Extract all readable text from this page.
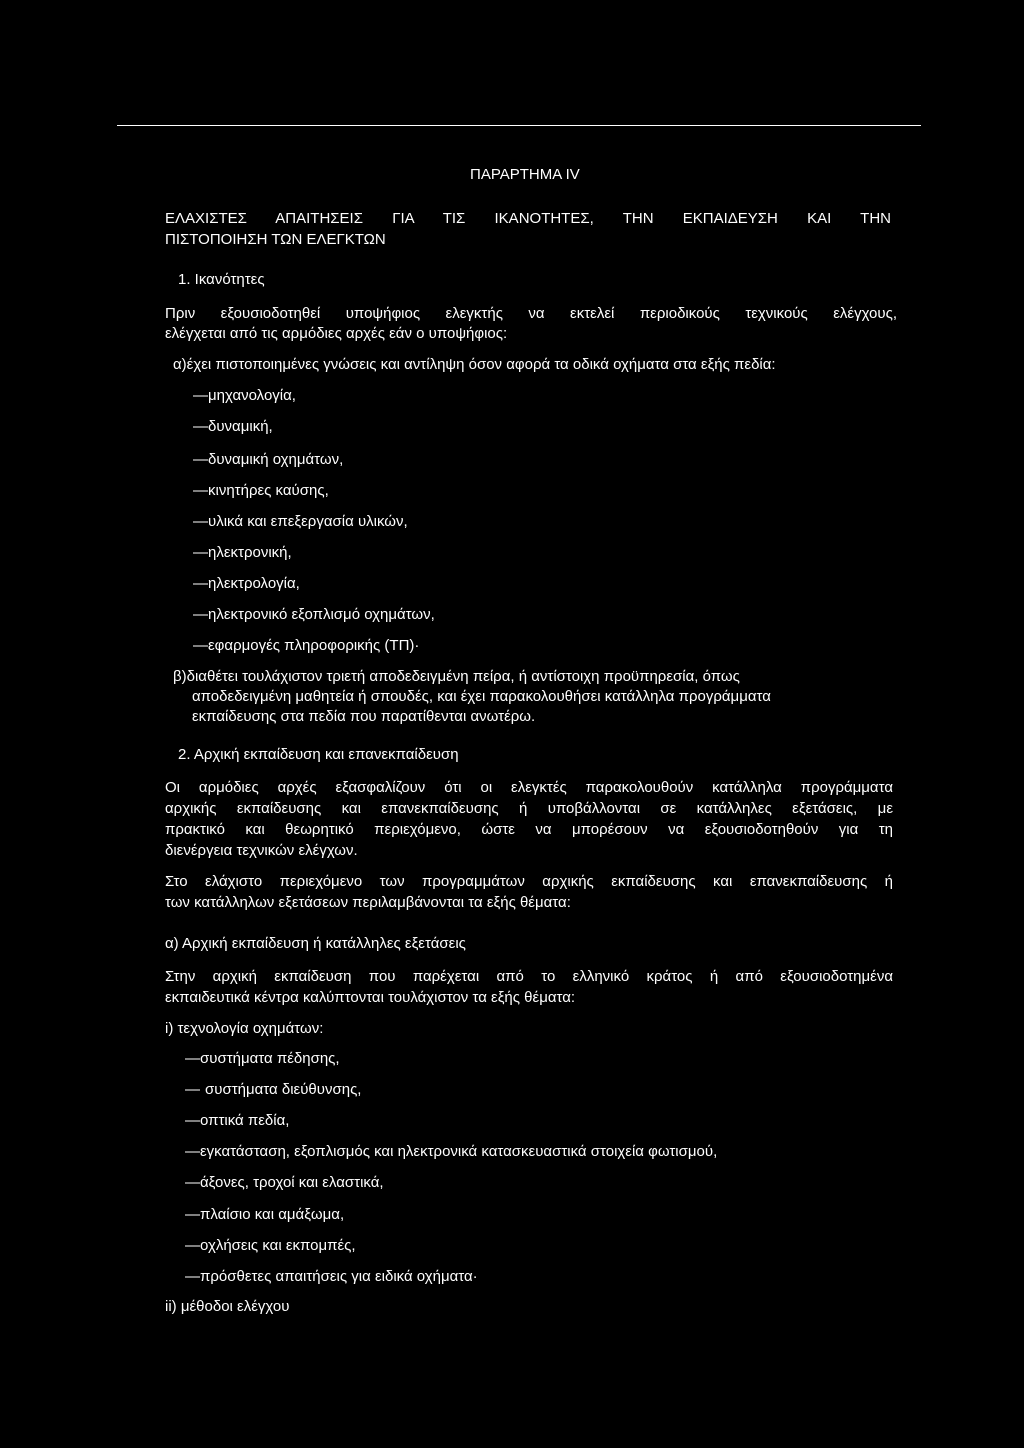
ΠΑΡΑΡΤΗΜΑ IV
ΕΛΑΧΙΣΤΕΣ ΑΠΑΙΤΗΣΕΙΣ ΓΙΑ ΤΙΣ ΙΚΑΝΟΤΗΤΕΣ, ΤΗΝ ΕΚΠΑΙΔΕΥΣΗ ΚΑΙ ΤΗΝ
ΠΙΣΤΟΠΟΙΗΣΗ ΤΩΝ ΕΛΕΓΚΤΩΝ
1. Ικανότητες
Πριν εξουσιοδοτηθεί υποψήφιος ελεγκτής να εκτελεί περιοδικούς τεχνικούς ελέγχους,
ελέγχεται από τις αρμόδιες αρχές εάν ο υποψήφιος:
α)έχει πιστοποιημένες γνώσεις και αντίληψη όσον αφορά τα οδικά οχήματα στα εξής πεδία:
—μηχανολογία,
—δυναμική,
—δυναμική οχημάτων,
—κινητήρες καύσης,
—υλικά και επεξεργασία υλικών,
—ηλεκτρονική,
—ηλεκτρολογία,
—ηλεκτρονικό εξοπλισμό οχημάτων,
—εφαρμογές πληροφορικής (ΤΠ)·
β)διαθέτει τουλάχιστον τριετή αποδεδειγμένη πείρα, ή αντίστοιχη προϋπηρεσία, όπως
αποδεδειγμένη μαθητεία ή σπουδές, και έχει παρακολουθήσει κατάλληλα προγράμματα
εκπαίδευσης στα πεδία που παρατίθενται ανωτέρω.
2. Αρχική εκπαίδευση και επανεκπαίδευση
Οι αρμόδιες αρχές εξασφαλίζουν ότι οι ελεγκτές παρακολουθούν κατάλληλα προγράμματα
αρχικής εκπαίδευσης και επανεκπαίδευσης ή υποβάλλονται σε κατάλληλες εξετάσεις, με
πρακτικό και θεωρητικό περιεχόμενο, ώστε να μπορέσουν να εξουσιοδοτηθούν για τη
διενέργεια τεχνικών ελέγχων.
Στο ελάχιστο περιεχόμενο των προγραμμάτων αρχικής εκπαίδευσης και επανεκπαίδευσης ή
των κατάλληλων εξετάσεων περιλαμβάνονται τα εξής θέματα:
α) Αρχική εκπαίδευση ή κατάλληλες εξετάσεις
Στην αρχική εκπαίδευση που παρέχεται από το ελληνικό κράτος ή από εξουσιοδοτημένα
εκπαιδευτικά κέντρα καλύπτονται τουλάχιστον τα εξής θέματα:
i) τεχνολογία οχημάτων:
—συστήματα πέδησης,
— συστήματα διεύθυνσης,
—οπτικά πεδία,
—εγκατάσταση, εξοπλισμός και ηλεκτρονικά κατασκευαστικά στοιχεία φωτισμού,
—άξονες, τροχοί και ελαστικά,
—πλαίσιο και αμάξωμα,
—οχλήσεις και εκπομπές,
—πρόσθετες απαιτήσεις για ειδικά οχήματα·
ii) μέθοδοι ελέγχου
